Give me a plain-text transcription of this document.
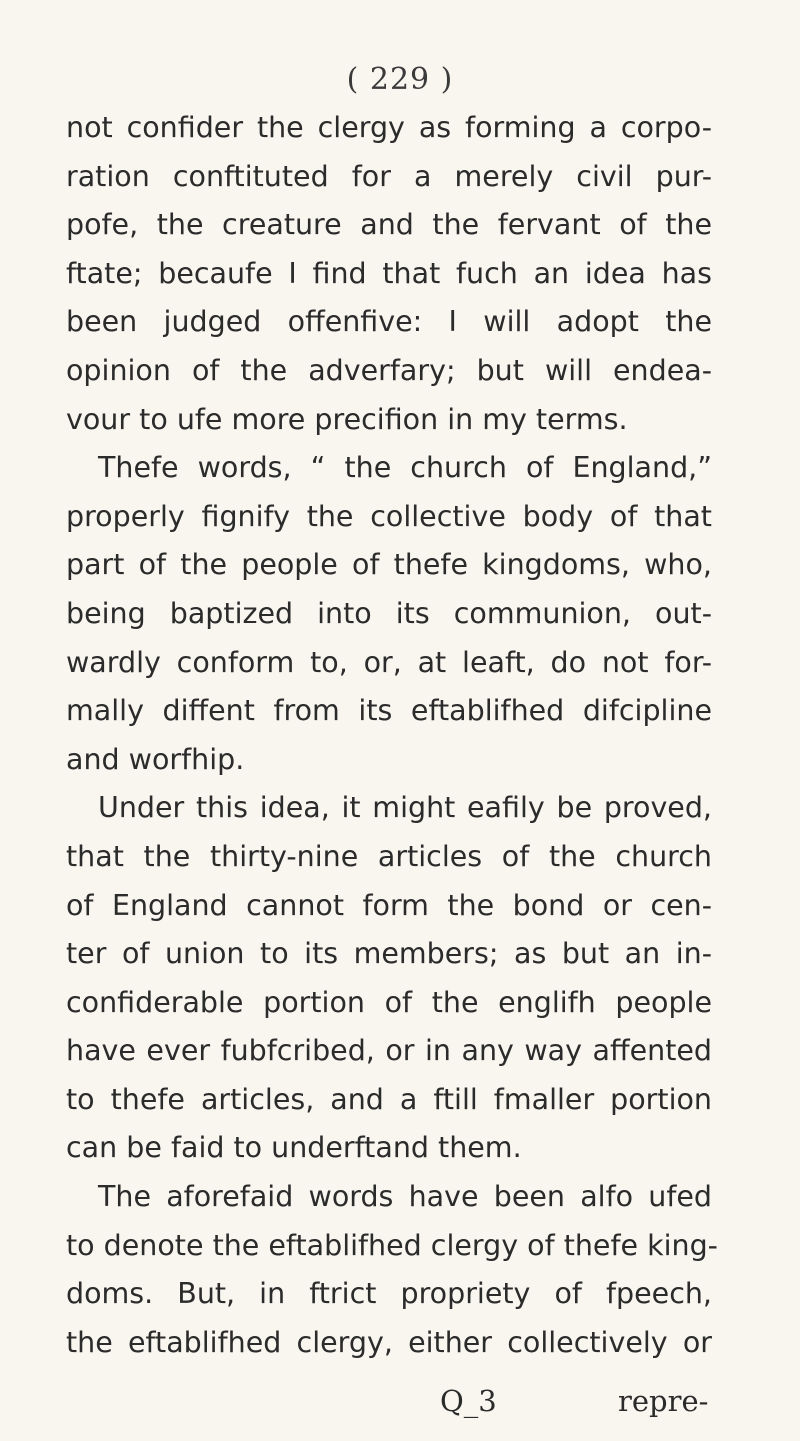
( 229 )
not confider the clergy as forming a corpo-
ration conftituted for a merely civil pur-
pofe, the creature and the fervant of the
ftate; becaufe I find that fuch an idea has
been judged offenfive: I will adopt the
opinion of the adverfary; but will endea-
vour to ufe more precifion in my terms.
Thefe words, “ the church of England,”
properly fignify the collective body of that
part of the people of thefe kingdoms, who,
being baptized into its communion, out-
wardly conform to, or, at leaft, do not for-
mally diffent from its eftablifhed difcipline
and worfhip.
Under this idea, it might eafily be proved,
that the thirty-nine articles of the church
of England cannot form the bond or cen-
ter of union to its members; as but an in-
confiderable portion of the englifh people
have ever fubfcribed, or in any way affented
to thefe articles, and a ftill fmaller portion
can be faid to underftand them.
The aforefaid words have been alfo ufed
to denote the eftablifhed clergy of thefe king-
doms. But, in ftrict propriety of fpeech,
the eftablifhed clergy, either collectively or
Q_3	repre-
